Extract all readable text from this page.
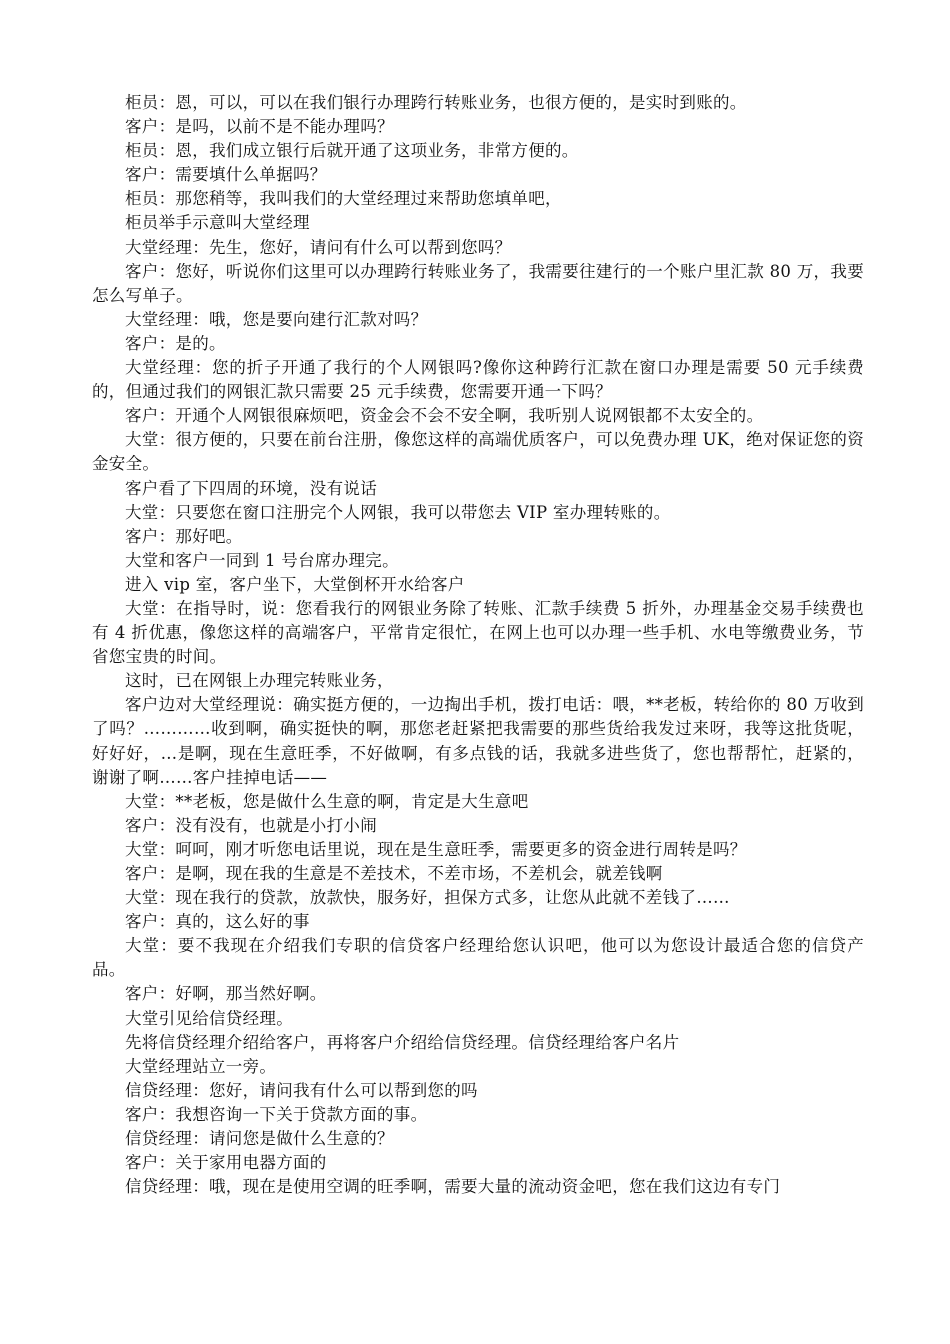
柜员：恩，可以，可以在我们银行办理跨行转账业务，也很方便的，是实时到账的。

客户：是吗，以前不是不能办理吗？

柜员：恩，我们成立银行后就开通了这项业务，非常方便的。

客户：需要填什么单据吗？

柜员：那您稍等，我叫我们的大堂经理过来帮助您填单吧，

柜员举手示意叫大堂经理

大堂经理：先生，您好，请问有什么可以帮到您吗？

客户：您好，听说你们这里可以办理跨行转账业务了，我需要往建行的一个账户里汇款 80 万，我要怎么写单子。

大堂经理：哦，您是要向建行汇款对吗？

客户：是的。

大堂经理：您的折子开通了我行的个人网银吗?像你这种跨行汇款在窗口办理是需要 50 元手续费的，但通过我们的网银汇款只需要 25 元手续费，您需要开通一下吗？

客户：开通个人网银很麻烦吧，资金会不会不安全啊，我听别人说网银都不太安全的。

大堂：很方便的，只要在前台注册，像您这样的高端优质客户，可以免费办理 UK，绝对保证您的资金安全。

客户看了下四周的环境，没有说话

大堂：只要您在窗口注册完个人网银，我可以带您去 VIP 室办理转账的。

客户：那好吧。

大堂和客户一同到 1 号台席办理完。

进入 vip 室，客户坐下，大堂倒杯开水给客户

大堂：在指导时，说：您看我行的网银业务除了转账、汇款手续费 5 折外，办理基金交易手续费也有 4 折优惠，像您这样的高端客户，平常肯定很忙，在网上也可以办理一些手机、水电等缴费业务，节省您宝贵的时间。

这时，已在网银上办理完转账业务，

客户边对大堂经理说：确实挺方便的，一边掏出手机，拨打电话：喂，**老板，转给你的 80 万收到了吗？…………收到啊，确实挺快的啊，那您老赶紧把我需要的那些货给我发过来呀，我等这批货呢，好好好，…是啊，现在生意旺季，不好做啊，有多点钱的话，我就多进些货了，您也帮帮忙，赶紧的，谢谢了啊……客户挂掉电话——

大堂：**老板，您是做什么生意的啊，肯定是大生意吧

客户：没有没有，也就是小打小闹

大堂：呵呵，刚才听您电话里说，现在是生意旺季，需要更多的资金进行周转是吗？

客户：是啊，现在我的生意是不差技术，不差市场，不差机会，就差钱啊

大堂：现在我行的贷款，放款快，服务好，担保方式多，让您从此就不差钱了……

客户：真的，这么好的事

大堂：要不我现在介绍我们专职的信贷客户经理给您认识吧，他可以为您设计最适合您的信贷产品。

客户：好啊，那当然好啊。

大堂引见给信贷经理。

先将信贷经理介绍给客户，再将客户介绍给信贷经理。信贷经理给客户名片

大堂经理站立一旁。

信贷经理：您好，请问我有什么可以帮到您的吗

客户：我想咨询一下关于贷款方面的事。

信贷经理：请问您是做什么生意的？

客户：关于家用电器方面的

信贷经理：哦，现在是使用空调的旺季啊，需要大量的流动资金吧，您在我们这边有专门
